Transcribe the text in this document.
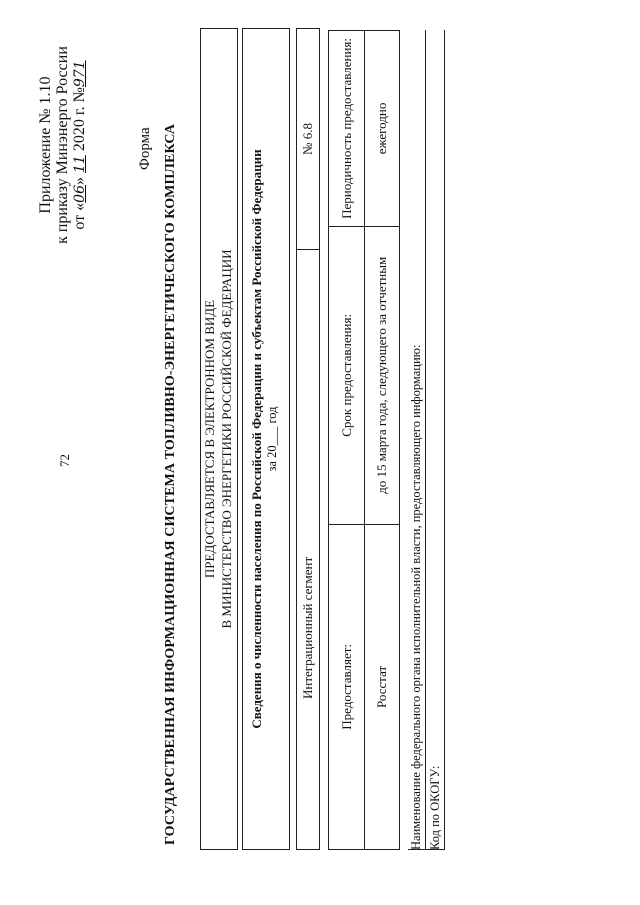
72
Приложение № 1.10 к приказу Минэнерго России от «06» 11 2020 г. №971
Форма ГОСУДАРСТВЕННАЯ ИНФОРМАЦИОННАЯ СИСТЕМА ТОПЛИВНО-ЭНЕРГЕТИЧЕСКОГО КОМПЛЕКСА ПРЕДОСТАВЛЯЕТСЯ В ЭЛЕКТРОННОМ ВИДЕ В МИНИСТЕРСТВО ЭНЕРГЕТИКИ РОССИЙСКОЙ ФЕДЕРАЦИИ Сведения о численности населения по Российской Федерации и субъектам Российской Федерации за 20___ год
Интеграционный сегмент
№ 6.8
Предоставляет:	Срок предоставления:	Периодичность предоставления:
Росстат	до 15 марта года, следующего за отчетным	ежегодно
Наименование федерального органа исполнительной власти, предоставляющего информацию: Код по ОКОГУ:
